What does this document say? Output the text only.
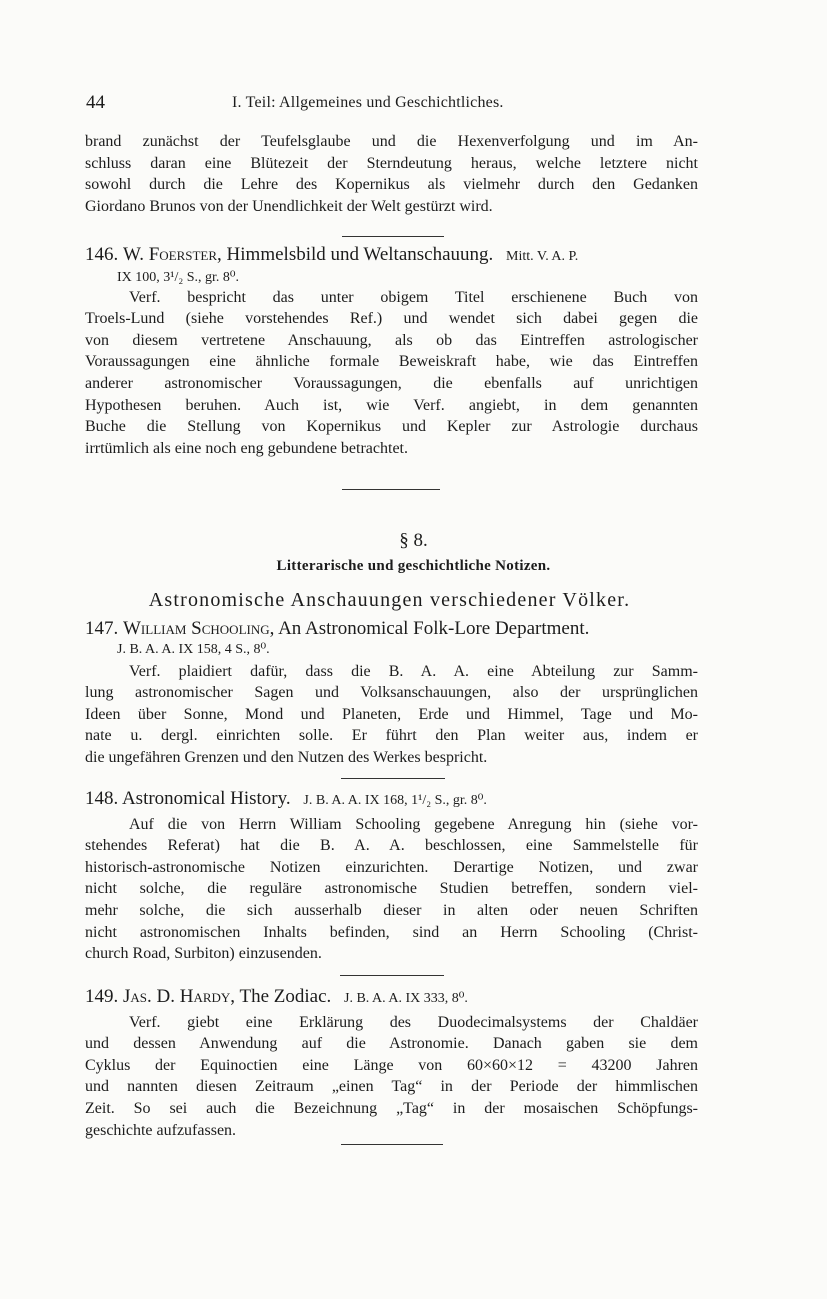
44	I. Teil: Allgemeines und Geschichtliches.
brand zunächst der Teufelsglaube und die Hexenverfolgung und im An-
schluss daran eine Blütezeit der Sterndeutung heraus, welche letztere nicht
sowohl durch die Lehre des Kopernikus als vielmehr durch den Gedanken
Giordano Brunos von der Unendlichkeit der Welt gestürzt wird.
146. W. Foerster, Himmelsbild und Weltanschauung. Mitt. V. A. P.
IX 100, 3¹/₂ S., gr. 8⁰.
Verf. bespricht das unter obigem Titel erschienene Buch von
Troels-Lund (siehe vorstehendes Ref.) und wendet sich dabei gegen die
von diesem vertretene Anschauung, als ob das Eintreffen astrologischer
Voraussagungen eine ähnliche formale Beweiskraft habe, wie das Eintreffen
anderer astronomischer Voraussagungen, die ebenfalls auf unrichtigen
Hypothesen beruhen. Auch ist, wie Verf. angiebt, in dem genannten
Buche die Stellung von Kopernikus und Kepler zur Astrologie durchaus
irrtümlich als eine noch eng gebundene betrachtet.
§ 8.
Litterarische und geschichtliche Notizen.
Astronomische Anschauungen verschiedener Völker.
147. William Schooling, An Astronomical Folk-Lore Department.
J. B. A. A. IX 158, 4 S., 8⁰.
Verf. plaidiert dafür, dass die B. A. A. eine Abteilung zur Samm-
lung astronomischer Sagen und Volksanschauungen, also der ursprünglichen
Ideen über Sonne, Mond und Planeten, Erde und Himmel, Tage und Mo-
nate u. dergl. einrichten solle. Er führt den Plan weiter aus, indem er
die ungefähren Grenzen und den Nutzen des Werkes bespricht.
148. Astronomical History. J. B. A. A. IX 168, 1¹/₂ S., gr. 8⁰.
Auf die von Herrn William Schooling gegebene Anregung hin (siehe vor-
stehendes Referat) hat die B. A. A. beschlossen, eine Sammelstelle für
historisch-astronomische Notizen einzurichten. Derartige Notizen, und zwar
nicht solche, die reguläre astronomische Studien betreffen, sondern viel-
mehr solche, die sich ausserhalb dieser in alten oder neuen Schriften
nicht astronomischen Inhalts befinden, sind an Herrn Schooling (Christ-
church Road, Surbiton) einzusenden.
149. Jas. D. Hardy, The Zodiac. J. B. A. A. IX 333, 8⁰.
Verf. giebt eine Erklärung des Duodecimalsystems der Chaldäer
und dessen Anwendung auf die Astronomie. Danach gaben sie dem
Cyklus der Equinoctien eine Länge von 60×60×12 = 43200 Jahren
und nannten diesen Zeitraum „einen Tag“ in der Periode der himmlischen
Zeit. So sei auch die Bezeichnung „Tag“ in der mosaischen Schöpfungs-
geschichte aufzufassen.
